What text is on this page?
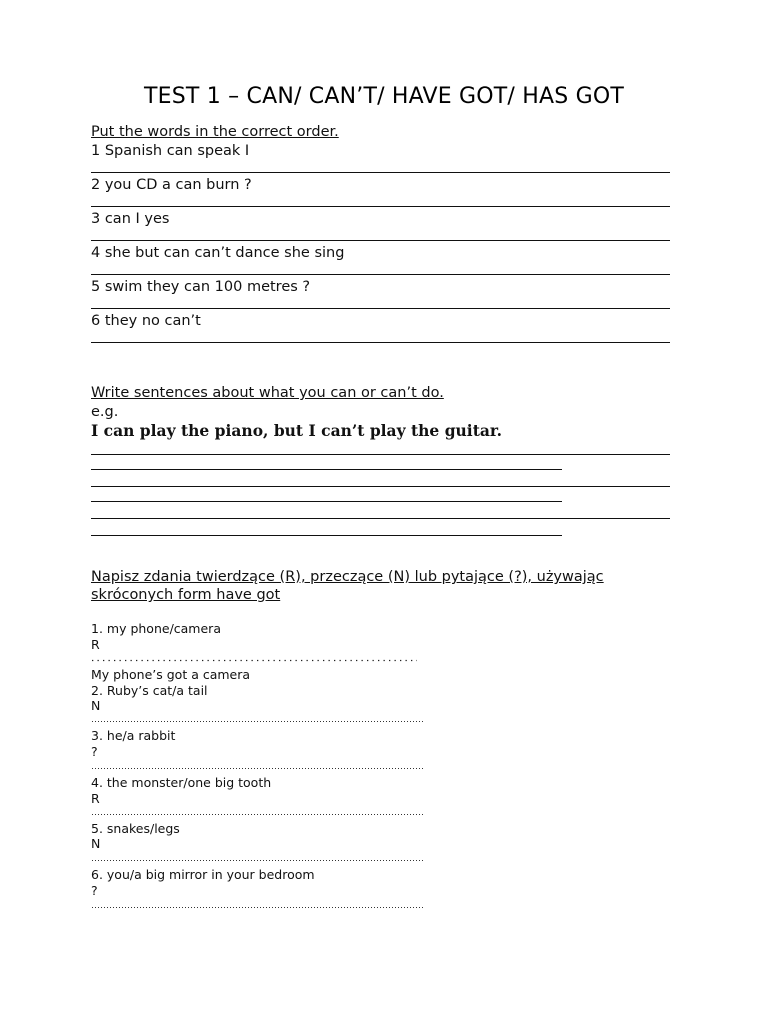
TEST 1 – CAN/ CAN’T/ HAVE GOT/ HAS GOT
Put the words in the correct order.
1 Spanish can speak I
2 you CD a can burn ?
3 can I yes
4 she but can can’t dance she sing
5 swim they can 100 metres ?
6 they no can’t
Write sentences about what you can or can’t do.
e.g.
I can play the piano, but I can’t play the guitar.
Napisz zdania twierdzące (R), przeczące (N) lub pytające (?), używając
skróconych form have got
1. my phone/camera
R
My phone’s got a camera
2. Ruby’s cat/a tail
N
3. he/a rabbit
?
4. the monster/one big tooth
R
5. snakes/legs
N
6. you/a big mirror in your bedroom
?
